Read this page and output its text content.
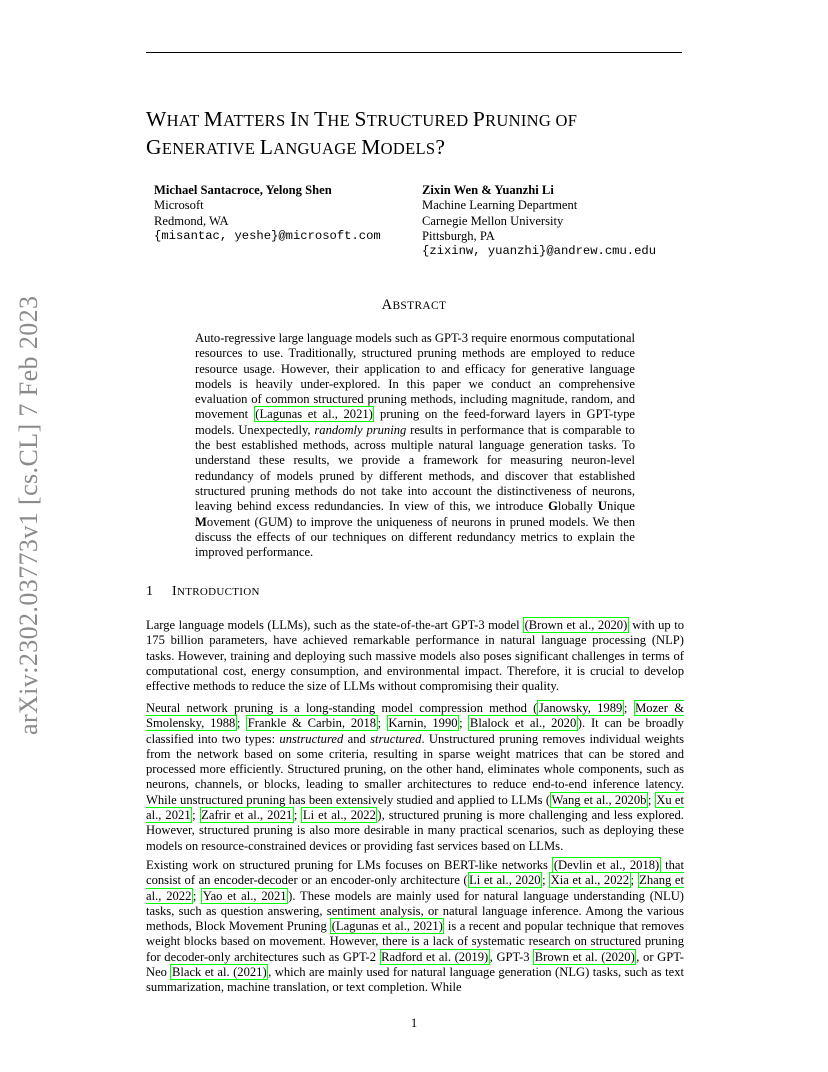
arXiv:2302.03773v1 [cs.CL] 7 Feb 2023
WHAT MATTERS IN THE STRUCTURED PRUNING OF
GENERATIVE LANGUAGE MODELS?
Michael Santacroce, Yelong Shen
Microsoft
Redmond, WA
{misantac, yeshe}@microsoft.com
Zixin Wen & Yuanzhi Li
Machine Learning Department
Carnegie Mellon University
Pittsburgh, PA
{zixinw, yuanzhi}@andrew.cmu.edu
ABSTRACT
Auto-regressive large language models such as GPT-3 require enormous computational resources to use. Traditionally, structured pruning methods are employed to reduce resource usage. However, their application to and efficacy for generative language models is heavily under-explored. In this paper we conduct an comprehensive evaluation of common structured pruning methods, including magnitude, random, and movement (Lagunas et al., 2021) pruning on the feed-forward layers in GPT-type models. Unexpectedly, randomly pruning results in performance that is comparable to the best established methods, across multiple natural language generation tasks. To understand these results, we provide a framework for measuring neuron-level redundancy of models pruned by different methods, and discover that established structured pruning methods do not take into account the distinctiveness of neurons, leaving behind excess redundancies. In view of this, we introduce Globally Unique Movement (GUM) to improve the uniqueness of neurons in pruned models. We then discuss the effects of our techniques on different redundancy metrics to explain the improved performance.
1 INTRODUCTION
Large language models (LLMs), such as the state-of-the-art GPT-3 model (Brown et al., 2020) with up to 175 billion parameters, have achieved remarkable performance in natural language processing (NLP) tasks. However, training and deploying such massive models also poses significant challenges in terms of computational cost, energy consumption, and environmental impact. Therefore, it is crucial to develop effective methods to reduce the size of LLMs without compromising their quality.
Neural network pruning is a long-standing model compression method ( Janowsky, 1989 ; Mozer & Smolensky, 1988 ; Frankle & Carbin, 2018 ; Karnin, 1990 ; Blalock et al., 2020 ). It can be broadly classified into two types: unstructured and structured. Unstructured pruning removes individual weights from the network based on some criteria, resulting in sparse weight matrices that can be stored and processed more efficiently. Structured pruning, on the other hand, eliminates whole components, such as neurons, channels, or blocks, leading to smaller architectures to reduce end-to-end inference latency. While unstructured pruning has been extensively studied and applied to LLMs ( Wang et al., 2020b ; Xu et al., 2021 ; Zafrir et al., 2021 ; Li et al., 2022 ), structured pruning is more challenging and less explored. However, structured pruning is also more desirable in many practical scenarios, such as deploying these models on resource-constrained devices or providing fast services based on LLMs.
Existing work on structured pruning for LMs focuses on BERT-like networks (Devlin et al., 2018) that consist of an encoder-decoder or an encoder-only architecture ( Li et al., 2020 ; Xia et al., 2022 ; Zhang et al., 2022 ; Yao et al., 2021 ). These models are mainly used for natural language understanding (NLU) tasks, such as question answering, sentiment analysis, or natural language inference. Among the various methods, Block Movement Pruning (Lagunas et al., 2021) is a recent and popular technique that removes weight blocks based on movement. However, there is a lack of systematic research on structured pruning for decoder-only architectures such as GPT-2 Radford et al. (2019) , GPT-3 Brown et al. (2020) , or GPT-Neo Black et al. (2021) , which are mainly used for natural language generation (NLG) tasks, such as text summarization, machine translation, or text completion. While
1
